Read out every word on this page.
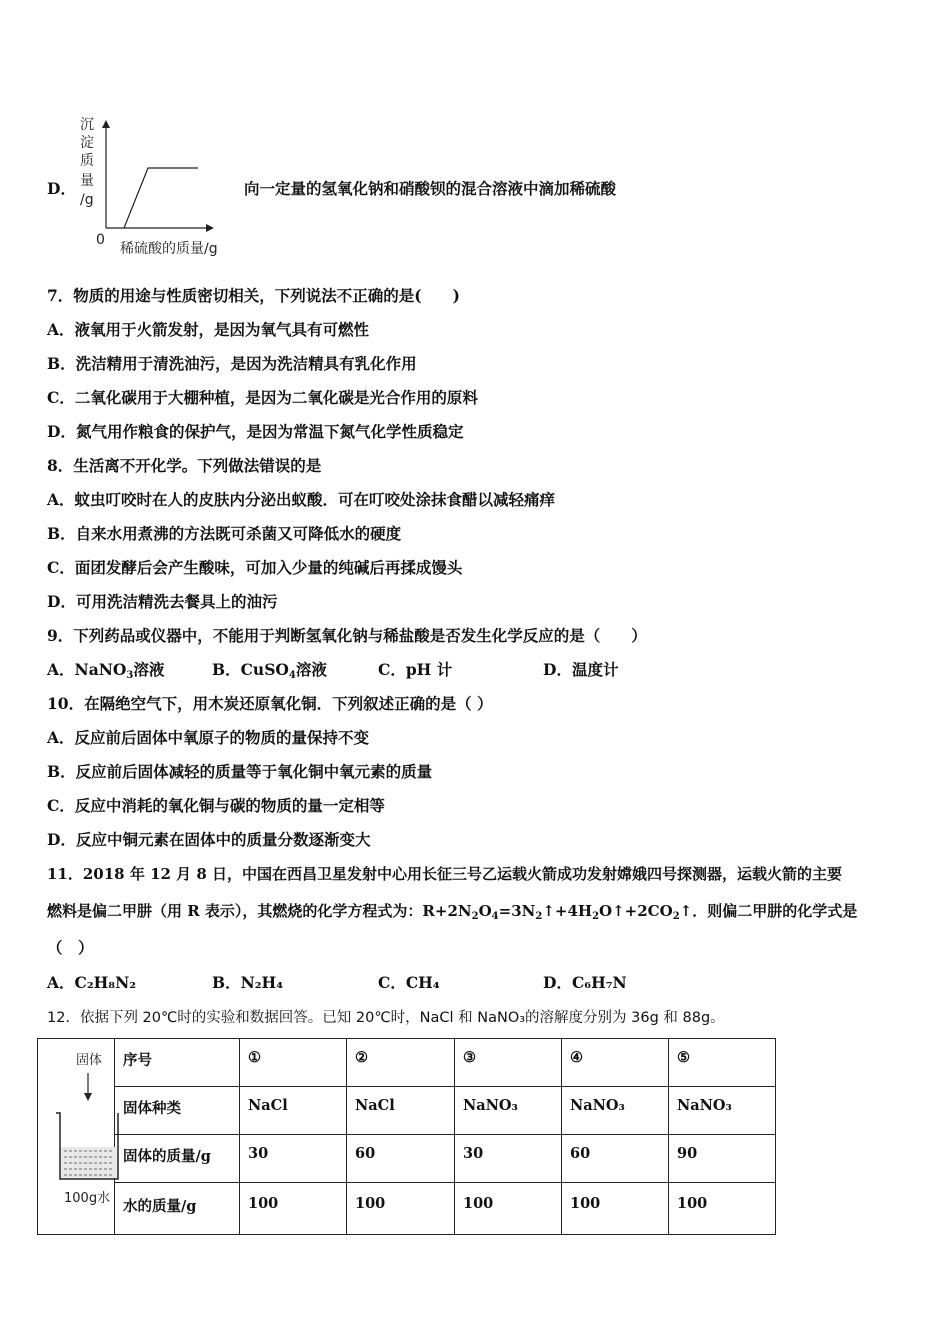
D．
沉
淀
质
量
/g
0
稀硫酸的质量/g
向一定量的氢氧化钠和硝酸钡的混合溶液中滴加稀硫酸
7．物质的用途与性质密切相关，下列说法不正确的是(　　)
A．液氧用于火箭发射，是因为氧气具有可燃性
B．洗洁精用于清洗油污，是因为洗洁精具有乳化作用
C．二氧化碳用于大棚种植，是因为二氧化碳是光合作用的原料
D．氮气用作粮食的保护气，是因为常温下氮气化学性质稳定
8．生活离不开化学。下列做法错误的是
A．蚊虫叮咬时在人的皮肤内分泌出蚁酸．可在叮咬处涂抹食醋以减轻痛痒
B．自来水用煮沸的方法既可杀菌又可降低水的硬度
C．面团发酵后会产生酸味，可加入少量的纯碱后再揉成馒头
D．可用洗洁精洗去餐具上的油污
9．下列药品或仪器中，不能用于判断氢氧化钠与稀盐酸是否发生化学反应的是（　　）
A．NaNO$_3$溶液	B．CuSO$_4$溶液	C．pH 计	D．温度计
10．在隔绝空气下，用木炭还原氧化铜．下列叙述正确的是（ ）
A．反应前后固体中氧原子的物质的量保持不变
B．反应前后固体减轻的质量等于氧化铜中氧元素的质量
C．反应中消耗的氧化铜与碳的物质的量一定相等
D．反应中铜元素在固体中的质量分数逐渐变大
11．2018 年 12 月 8 日，中国在西昌卫星发射中心用长征三号乙运载火箭成功发射嫦娥四号探测器，运载火箭的主要
燃料是偏二甲肼（用 R 表示），其燃烧的化学方程式为：$R+2N_2O_4=3N_2↑+4H_2O↑+2CO_2↑$．则偏二甲肼的化学式是
（　）
A．C₂H₈N₂	B．N₂H₄	C．CH₄	D．C₆H₇N
12．依据下列 20℃时的实验和数据回答。已知 20℃时，NaCl 和 NaNO₃的溶解度分别为 36g 和 88g。
固体
100g水	序号	①	②	③	④	⑤
	固体种类	NaCl	NaCl	NaNO₃	NaNO₃	NaNO₃
	固体的质量/g	30	60	30	60	90
	水的质量/g	100	100	100	100	100
